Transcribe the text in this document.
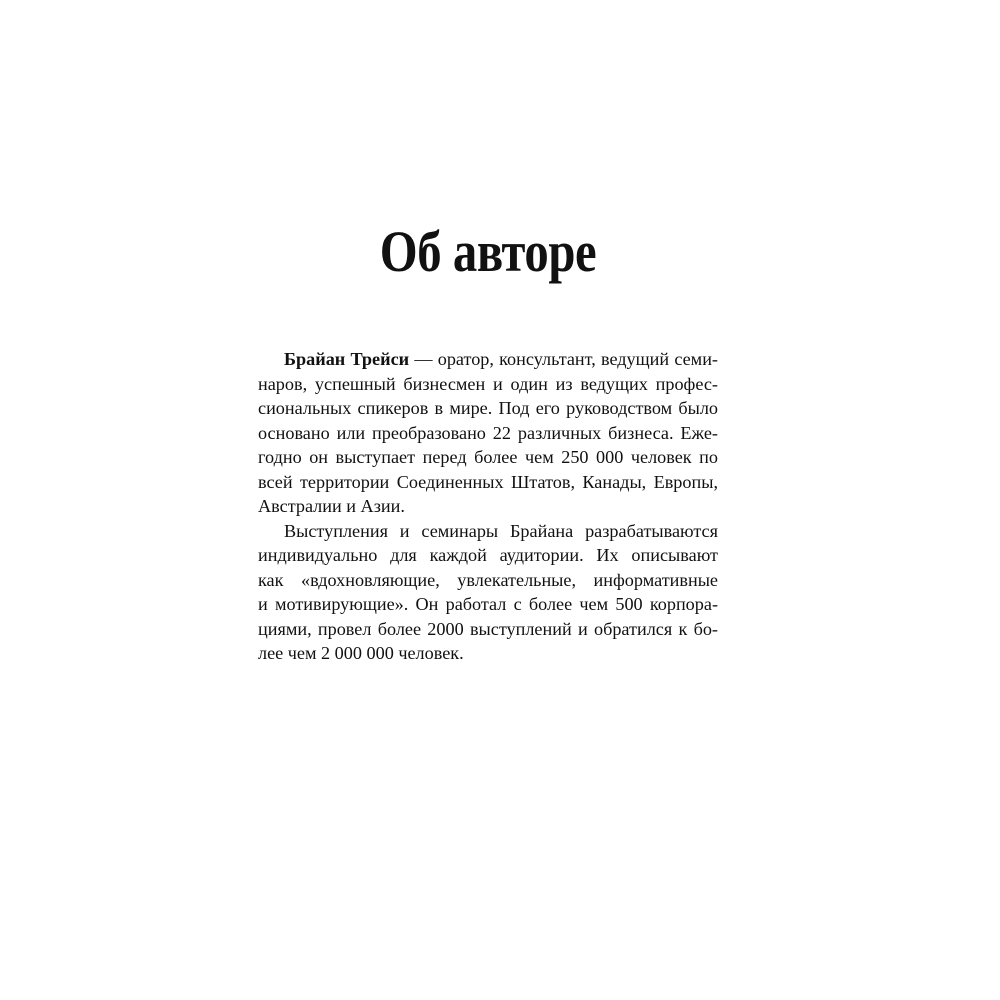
Об авторе
Брайан Трейси — оратор, консультант, ведущий семи-
наров, успешный бизнесмен и один из ведущих профес-
сиональных спикеров в мире. Под его руководством было
основано или преобразовано 22 различных бизнеса. Еже-
годно он выступает перед более чем 250 000 человек по
всей территории Соединенных Штатов, Канады, Европы,
Австралии и Азии.
Выступления и семинары Брайана разрабатываются
индивидуально для каждой аудитории. Их описывают
как «вдохновляющие, увлекательные, информативные
и мотивирующие». Он работал с более чем 500 корпора-
циями, провел более 2000 выступлений и обратился к бо-
лее чем 2 000 000 человек.
